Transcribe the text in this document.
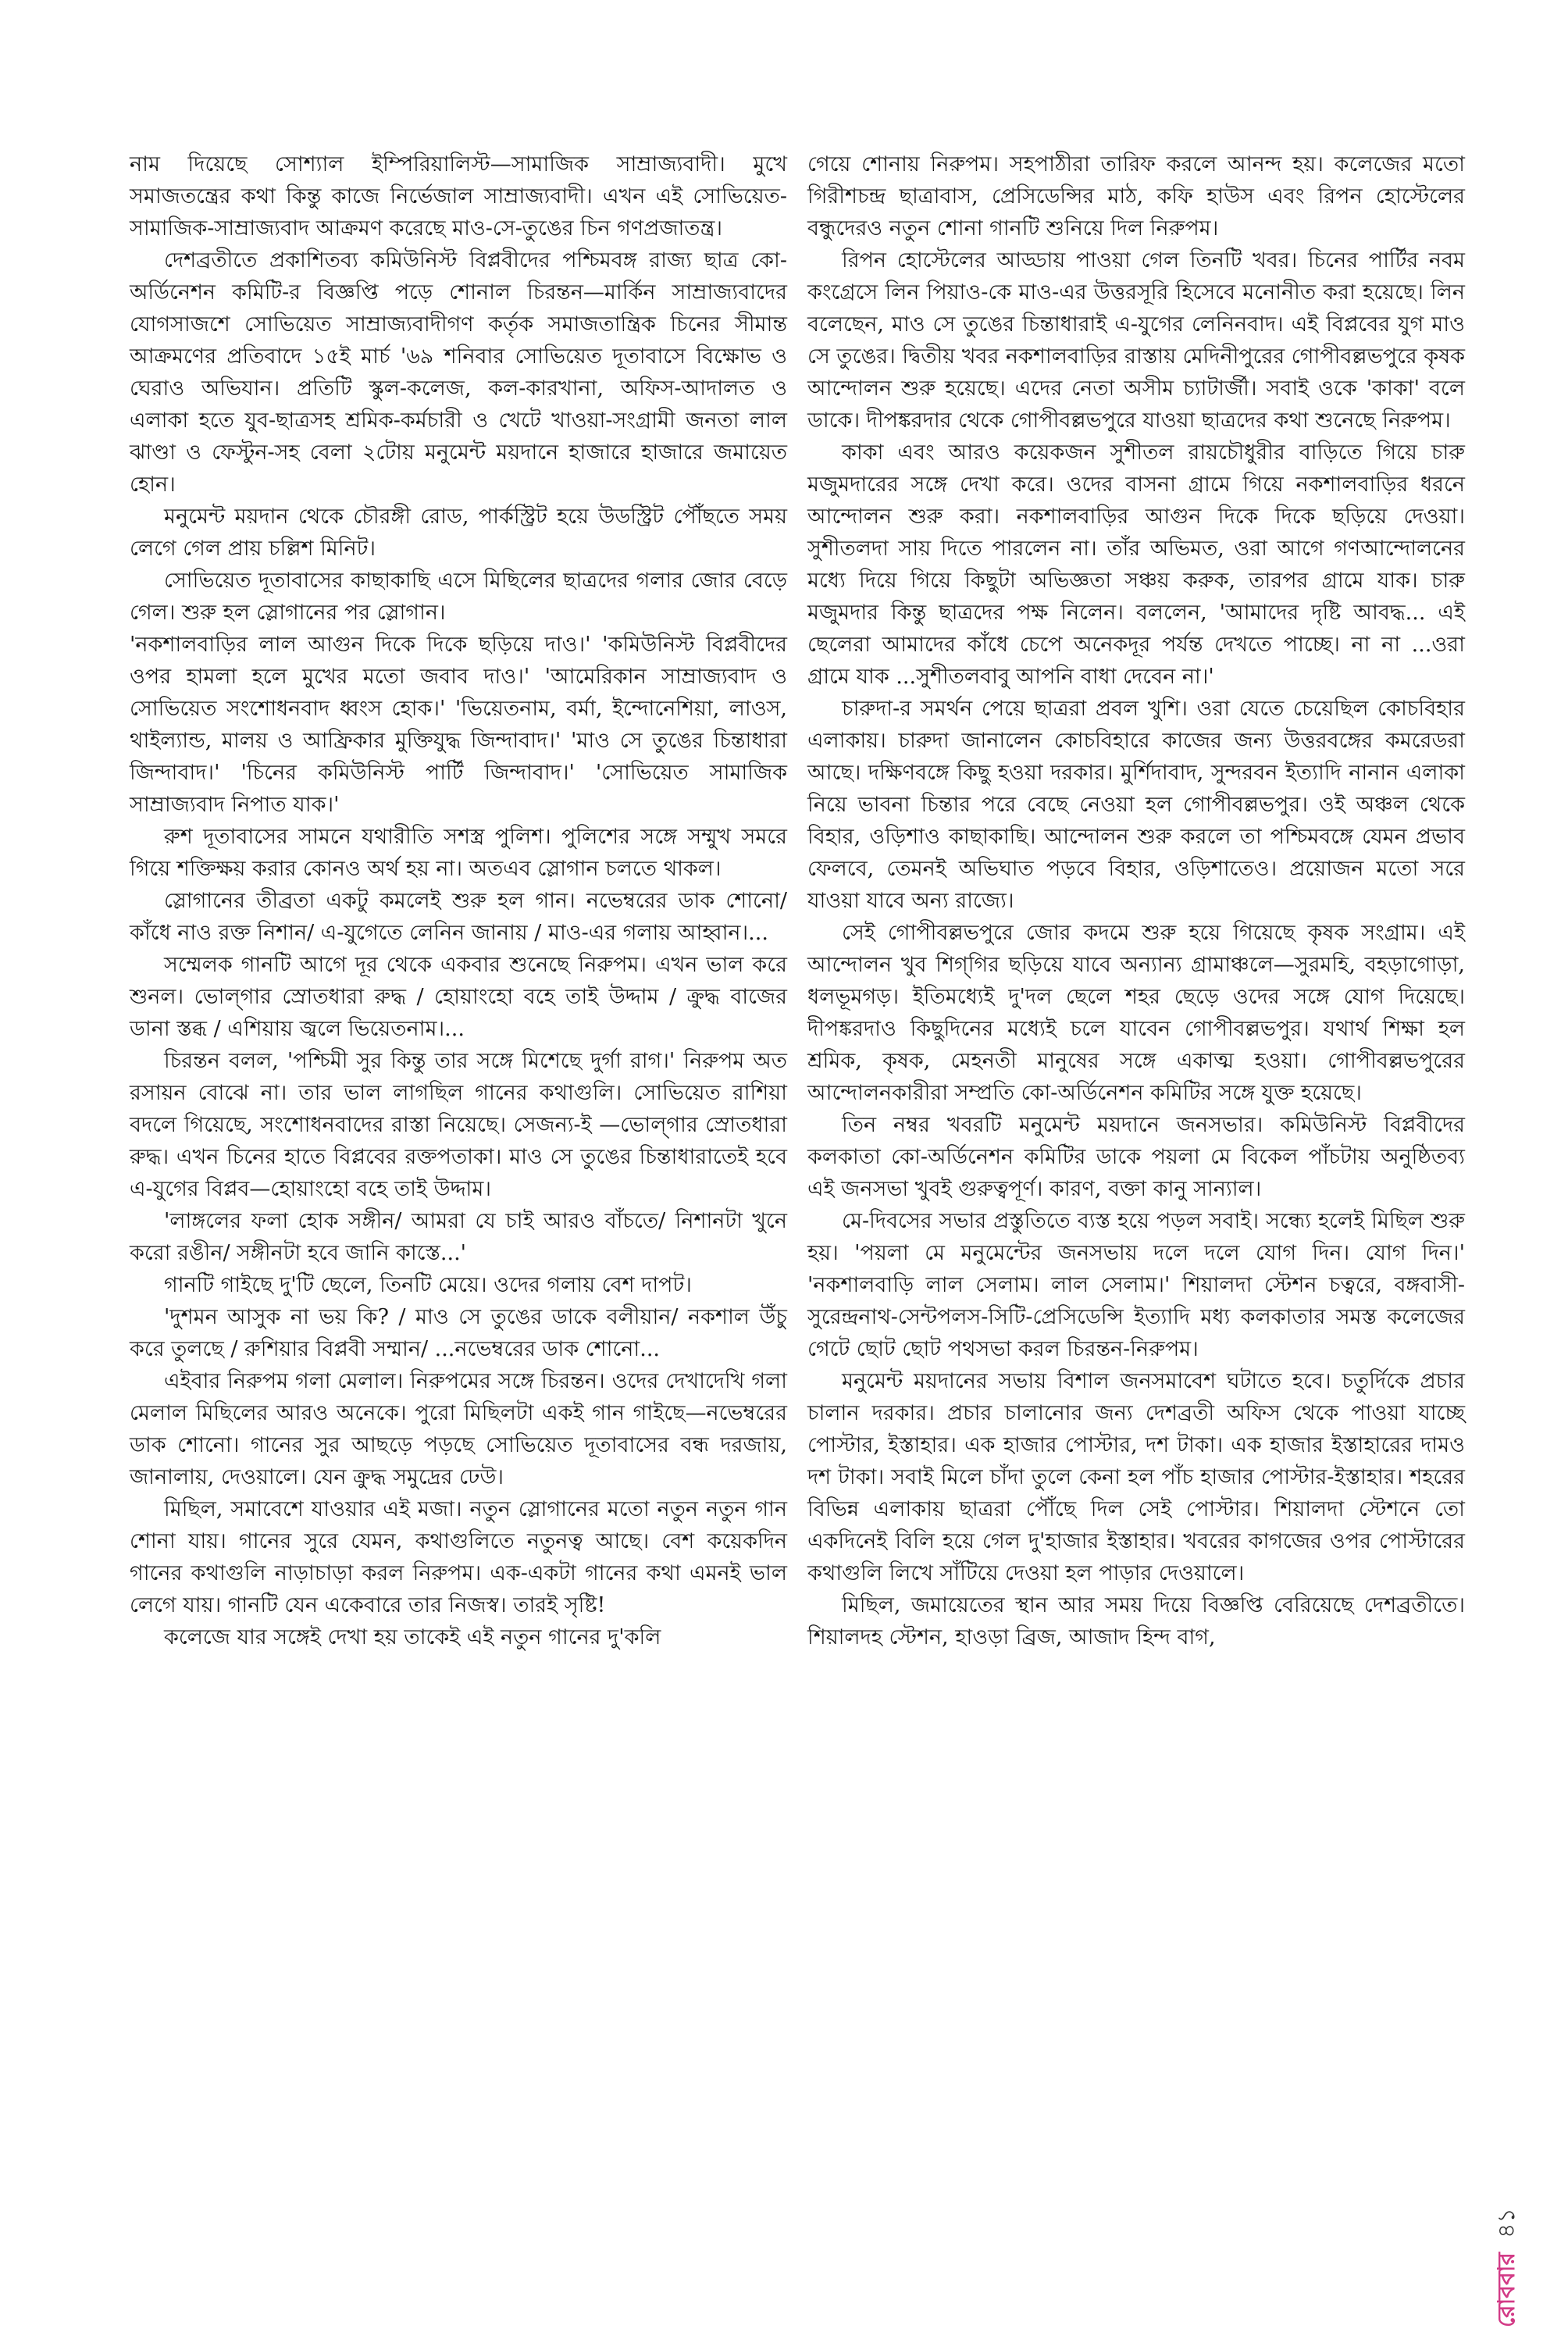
নাম দিয়েছে সোশ্যাল ইম্পিরিয়ালিস্ট—সামাজিক সাম্রাজ্যবাদী। মুখে সমাজতন্ত্রের কথা কিন্তু কাজে নির্ভেজাল সাম্রাজ্যবাদী। এখন এই সোভিয়েত-সামাজিক-সাম্রাজ্যবাদ আক্রমণ করেছে মাও-সে-তুঙের চিন গণপ্রজাতন্ত্র।

দেশব্রতীতে প্রকাশিতব্য কমিউনিস্ট বিপ্লবীদের পশ্চিমবঙ্গ রাজ্য ছাত্র কো-অর্ডিনেশন কমিটি-র বিজ্ঞপ্তি পড়ে শোনাল চিরন্তন—মার্কিন সাম্রাজ্যবাদের যোগসাজশে সোভিয়েত সাম্রাজ্যবাদীগণ কর্তৃক সমাজতান্ত্রিক চিনের সীমান্ত আক্রমণের প্রতিবাদে ১৫ই মার্চ '৬৯ শনিবার সোভিয়েত দূতাবাসে বিক্ষোভ ও ঘেরাও অভিযান। প্রতিটি স্কুল-কলেজ, কল-কারখানা, অফিস-আদালত ও এলাকা হতে যুব-ছাত্রসহ শ্রমিক-কর্মচারী ও খেটে খাওয়া-সংগ্রামী জনতা লাল ঝাণ্ডা ও ফেস্টুন-সহ বেলা ২টোয় মনুমেন্ট ময়দানে হাজারে হাজারে জমায়েত হোন।

মনুমেন্ট ময়দান থেকে চৌরঙ্গী রোড, পার্কস্ট্রিট হয়ে উডস্ট্রিট পৌঁছতে সময় লেগে গেল প্রায় চল্লিশ মিনিট।

সোভিয়েত দূতাবাসের কাছাকাছি এসে মিছিলের ছাত্রদের গলার জোর বেড়ে গেল। শুরু হল স্লোগানের পর স্লোগান।

'নকশালবাড়ির লাল আগুন দিকে দিকে ছড়িয়ে দাও।' 'কমিউনিস্ট বিপ্লবীদের ওপর হামলা হলে মুখের মতো জবাব দাও।' 'আমেরিকান সাম্রাজ্যবাদ ও সোভিয়েত সংশোধনবাদ ধ্বংস হোক।' 'ভিয়েতনাম, বর্মা, ইন্দোনেশিয়া, লাওস, থাইল্যান্ড, মালয় ও আফ্রিকার মুক্তিযুদ্ধ জিন্দাবাদ।' 'মাও সে তুঙের চিন্তাধারা জিন্দাবাদ।' 'চিনের কমিউনিস্ট পার্টি জিন্দাবাদ।' 'সোভিয়েত সামাজিক সাম্রাজ্যবাদ নিপাত যাক।'

রুশ দূতাবাসের সামনে যথারীতি সশস্ত্র পুলিশ। পুলিশের সঙ্গে সম্মুখ সমরে গিয়ে শক্তিক্ষয় করার কোনও অর্থ হয় না। অতএব স্লোগান চলতে থাকল।

স্লোগানের তীব্রতা একটু কমলেই শুরু হল গান। নভেম্বরের ডাক শোনো/ কাঁধে নাও রক্ত নিশান/ এ-যুগেতে লেনিন জানায় / মাও-এর গলায় আহ্বান।...

সম্মেলক গানটি আগে দূর থেকে একবার শুনেছে নিরুপম। এখন ভাল করে শুনল। ভোল্‌গার স্রোতধারা রুদ্ধ / হোয়াংহো বহে তাই উদ্দাম / ক্রুদ্ধ বাজের ডানা স্তব্ধ / এশিয়ায় জ্বলে ভিয়েতনাম।...

চিরন্তন বলল, 'পশ্চিমী সুর কিন্তু তার সঙ্গে মিশেছে দুর্গা রাগ।' নিরুপম অত রসায়ন বোঝে না। তার ভাল লাগছিল গানের কথাগুলি। সোভিয়েত রাশিয়া বদলে গিয়েছে, সংশোধনবাদের রাস্তা নিয়েছে। সেজন্য-ই —ভোল্‌গার স্রোতধারা রুদ্ধ। এখন চিনের হাতে বিপ্লবের রক্তপতাকা। মাও সে তুঙের চিন্তাধারাতেই হবে এ-যুগের বিপ্লব—হোয়াংহো বহে তাই উদ্দাম।

'লাঙ্গলের ফলা হোক সঙ্গীন/ আমরা যে চাই আরও বাঁচতে/ নিশানটা খুনে করো রঙীন/ সঙ্গীনটা হবে জানি কাস্তে...'

গানটি গাইছে দু'টি ছেলে, তিনটি মেয়ে। ওদের গলায় বেশ দাপট।

'দুশমন আসুক না ভয় কি? / মাও সে তুঙের ডাকে বলীয়ান/ নকশাল উঁচু করে তুলছে / রুশিয়ার বিপ্লবী সম্মান/ ...নভেম্বরের ডাক শোনো...

এইবার নিরুপম গলা মেলাল। নিরুপমের সঙ্গে চিরন্তন। ওদের দেখাদেখি গলা মেলাল মিছিলের আরও অনেকে। পুরো মিছিলটা একই গান গাইছে—নভেম্বরের ডাক শোনো। গানের সুর আছড়ে পড়ছে সোভিয়েত দূতাবাসের বন্ধ দরজায়, জানালায়, দেওয়ালে। যেন ক্রুদ্ধ সমুদ্রের ঢেউ।

মিছিল, সমাবেশে যাওয়ার এই মজা। নতুন স্লোগানের মতো নতুন নতুন গান শোনা যায়। গানের সুরে যেমন, কথাগুলিতে নতুনত্ব আছে। বেশ কয়েকদিন গানের কথাগুলি নাড়াচাড়া করল নিরুপম। এক-একটা গানের কথা এমনই ভাল লেগে যায়। গানটি যেন একেবারে তার নিজস্ব। তারই সৃষ্টি!

কলেজে যার সঙ্গেই দেখা হয় তাকেই এই নতুন গানের দু'কলি

গেয়ে শোনায় নিরুপম। সহপাঠীরা তারিফ করলে আনন্দ হয়। কলেজের মতো গিরীশচন্দ্র ছাত্রাবাস, প্রেসিডেন্সির মাঠ, কফি হাউস এবং রিপন হোস্টেলের বন্ধুদেরও নতুন শোনা গানটি শুনিয়ে দিল নিরুপম।

রিপন হোস্টেলের আড্ডায় পাওয়া গেল তিনটি খবর। চিনের পার্টির নবম কংগ্রেসে লিন পিয়াও-কে মাও-এর উত্তরসূরি হিসেবে মনোনীত করা হয়েছে। লিন বলেছেন, মাও সে তুঙের চিন্তাধারাই এ-যুগের লেনিনবাদ। এই বিপ্লবের যুগ মাও সে তুঙের। দ্বিতীয় খবর নকশালবাড়ির রাস্তায় মেদিনীপুরের গোপীবল্লভপুরে কৃষক আন্দোলন শুরু হয়েছে। এদের নেতা অসীম চ্যাটার্জী। সবাই ওকে 'কাকা' বলে ডাকে। দীপঙ্করদার থেকে গোপীবল্লভপুরে যাওয়া ছাত্রদের কথা শুনেছে নিরুপম।

কাকা এবং আরও কয়েকজন সুশীতল রায়চৌধুরীর বাড়িতে গিয়ে চারু মজুমদারের সঙ্গে দেখা করে। ওদের বাসনা গ্রামে গিয়ে নকশালবাড়ির ধরনে আন্দোলন শুরু করা। নকশালবাড়ির আগুন দিকে দিকে ছড়িয়ে দেওয়া। সুশীতলদা সায় দিতে পারলেন না। তাঁর অভিমত, ওরা আগে গণআন্দোলনের মধ্যে দিয়ে গিয়ে কিছুটা অভিজ্ঞতা সঞ্চয় করুক, তারপর গ্রামে যাক। চারু মজুমদার কিন্তু ছাত্রদের পক্ষ নিলেন। বললেন, 'আমাদের দৃষ্টি আবদ্ধ... এই ছেলেরা আমাদের কাঁধে চেপে অনেকদূর পর্যন্ত দেখতে পাচ্ছে। না না ...ওরা গ্রামে যাক ...সুশীতলবাবু আপনি বাধা দেবেন না।'

চারুদা-র সমর্থন পেয়ে ছাত্ররা প্রবল খুশি। ওরা যেতে চেয়েছিল কোচবিহার এলাকায়। চারুদা জানালেন কোচবিহারে কাজের জন্য উত্তরবঙ্গের কমরেডরা আছে। দক্ষিণবঙ্গে কিছু হওয়া দরকার। মুর্শিদাবাদ, সুন্দরবন ইত্যাদি নানান এলাকা নিয়ে ভাবনা চিন্তার পরে বেছে নেওয়া হল গোপীবল্লভপুর। ওই অঞ্চল থেকে বিহার, ওড়িশাও কাছাকাছি। আন্দোলন শুরু করলে তা পশ্চিমবঙ্গে যেমন প্রভাব ফেলবে, তেমনই অভিঘাত পড়বে বিহার, ওড়িশাতেও। প্রয়োজন মতো সরে যাওয়া যাবে অন্য রাজ্যে।

সেই গোপীবল্লভপুরে জোর কদমে শুরু হয়ে গিয়েছে কৃষক সংগ্রাম। এই আন্দোলন খুব শিগ্‌গির ছড়িয়ে যাবে অন্যান্য গ্রামাঞ্চলে—সুরমহি, বহড়াগোড়া, ধলভূমগড়। ইতিমধ্যেই দু'দল ছেলে শহর ছেড়ে ওদের সঙ্গে যোগ দিয়েছে। দীপঙ্করদাও কিছুদিনের মধ্যেই চলে যাবেন গোপীবল্লভপুর। যথার্থ শিক্ষা হল শ্রমিক, কৃষক, মেহনতী মানুষের সঙ্গে একাত্ম হওয়া। গোপীবল্লভপুরের আন্দোলনকারীরা সম্প্রতি কো-অর্ডিনেশন কমিটির সঙ্গে যুক্ত হয়েছে।

তিন নম্বর খবরটি মনুমেন্ট ময়দানে জনসভার। কমিউনিস্ট বিপ্লবীদের কলকাতা কো-অর্ডিনেশন কমিটির ডাকে পয়লা মে বিকেল পাঁচটায় অনুষ্ঠিতব্য এই জনসভা খুবই গুরুত্বপূর্ণ। কারণ, বক্তা কানু সান্যাল।

মে-দিবসের সভার প্রস্তুতিতে ব্যস্ত হয়ে পড়ল সবাই। সন্ধ্যে হলেই মিছিল শুরু হয়। 'পয়লা মে মনুমেন্টের জনসভায় দলে দলে যোগ দিন। যোগ দিন।' 'নকশালবাড়ি লাল সেলাম। লাল সেলাম।' শিয়ালদা স্টেশন চত্বরে, বঙ্গবাসী-সুরেন্দ্রনাথ-সেন্টপলস-সিটি-প্রেসিডেন্সি ইত্যাদি মধ্য কলকাতার সমস্ত কলেজের গেটে ছোট ছোট পথসভা করল চিরন্তন-নিরুপম।

মনুমেন্ট ময়দানের সভায় বিশাল জনসমাবেশ ঘটাতে হবে। চতুর্দিকে প্রচার চালান দরকার। প্রচার চালানোর জন্য দেশব্রতী অফিস থেকে পাওয়া যাচ্ছে পোস্টার, ইস্তাহার। এক হাজার পোস্টার, দশ টাকা। এক হাজার ইস্তাহারের দামও দশ টাকা। সবাই মিলে চাঁদা তুলে কেনা হল পাঁচ হাজার পোস্টার-ইস্তাহার। শহরের বিভিন্ন এলাকায় ছাত্ররা পৌঁছে দিল সেই পোস্টার। শিয়ালদা স্টেশনে তো একদিনেই বিলি হয়ে গেল দু'হাজার ইস্তাহার। খবরের কাগজের ওপর পোস্টারের কথাগুলি লিখে সাঁটিয়ে দেওয়া হল পাড়ার দেওয়ালে।

মিছিল, জমায়েতের স্থান আর সময় দিয়ে বিজ্ঞপ্তি বেরিয়েছে দেশব্রতীতে। শিয়ালদহ স্টেশন, হাওড়া ব্রিজ, আজাদ হিন্দ বাগ,

রোববার
৪১
